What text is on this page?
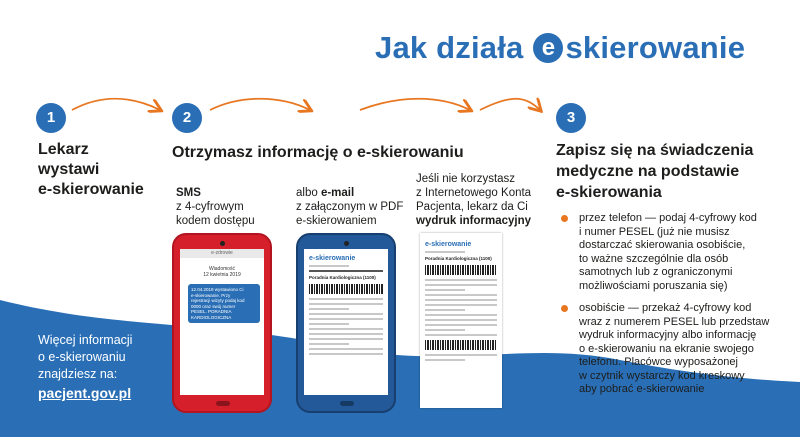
Jak działa e skierowanie
1	2	3
Lekarz
wystawi
e-skierowanie
Otrzymasz informację o e-skierowaniu	Zapisz się na świadczenia
medyczne na podstawie
e-skierowania
SMS
z 4-cyfrowym
kodem dostępu
albo e-mail
z załączonym w PDF
e-skierowaniem
Jeśli nie korzystasz
z Internetowego Konta
Pacjenta, lekarz da Ci
wydruk informacyjny
e-zdrowie
Wiadomość
12 kwietnia 2019
12.04.2019 wystawiono Ci
e-skierowanie. Przy
rejestracji wizyty podaj kod
0000 oraz swój numer
PESEL. PORADNIA
KARDIOLOGICZNA
e-skierowanie
Poradnia Kardiologiczna (1100)
e-skierowanie
Poradnia Kardiologiczna (1100)
Więcej informacji
o e-skierowaniu
znajdziesz na:
pacjent.gov.pl
przez telefon — podaj 4-cyfrowy kod
i numer PESEL (już nie musisz
dostarczać skierowania osobiście,
to ważne szczególnie dla osób
samotnych lub z ograniczonymi
możliwościami poruszania się)
osobiście — przekaż 4-cyfrowy kod
wraz z numerem PESEL lub przedstaw
wydruk informacyjny albo informację
o e-skierowaniu na ekranie swojego
telefonu. Placówce wyposażonej
w czytnik wystarczy kod kreskowy
aby pobrać e-skierowanie
